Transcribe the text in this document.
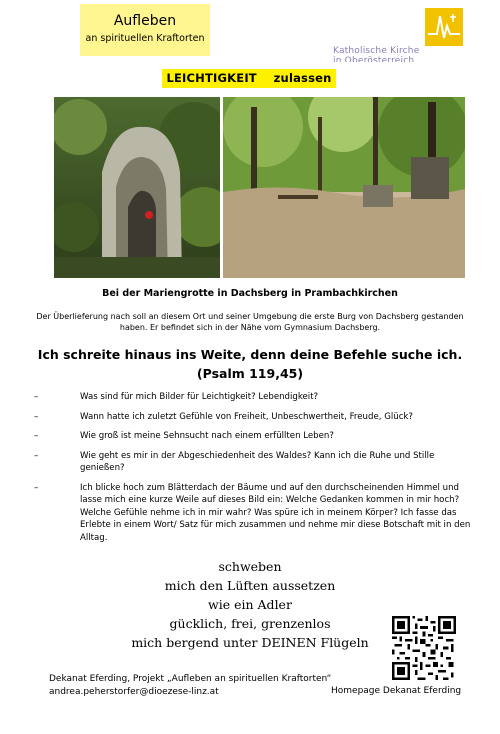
Aufleben
an spirituellen Kraftorten
Katholische Kirche
in Oberösterreich
LEICHTIGKEIT    zulassen
Bei der Mariengrotte in Dachsberg in Prambachkirchen
Der Überlieferung nach soll an diesem Ort und seiner Umgebung die erste Burg von Dachsberg gestanden haben. Er befindet sich in der Nähe vom Gymnasium Dachsberg.
Ich schreite hinaus ins Weite, denn deine Befehle suche ich.
(Psalm 119,45)
–	Was sind für mich Bilder für Leichtigkeit? Lebendigkeit?
–	Wann hatte ich zuletzt Gefühle von Freiheit, Unbeschwertheit, Freude, Glück?
–	Wie groß ist meine Sehnsucht nach einem erfüllten Leben?
–	Wie geht es mir in der Abgeschiedenheit des Waldes? Kann ich die Ruhe und Stille genießen?
–	Ich blicke hoch zum Blätterdach der Bäume und auf den durchscheinenden Himmel und lasse mich eine kurze Weile auf dieses Bild ein: Welche Gedanken kommen in mir hoch? Welche Gefühle nehme ich in mir wahr? Was spüre ich in meinem Körper? Ich fasse das Erlebte in einem Wort/ Satz für mich zusammen und nehme mir diese Botschaft mit in den Alltag.
schweben
mich den Lüften aussetzen
wie ein Adler
gücklich, frei, grenzenlos
mich bergend unter DEINEN Flügeln
Dekanat Eferding, Projekt „Aufleben an spirituellen Kraftorten“
andrea.peherstorfer@dioezese-linz.at	Homepage Dekanat Eferding
